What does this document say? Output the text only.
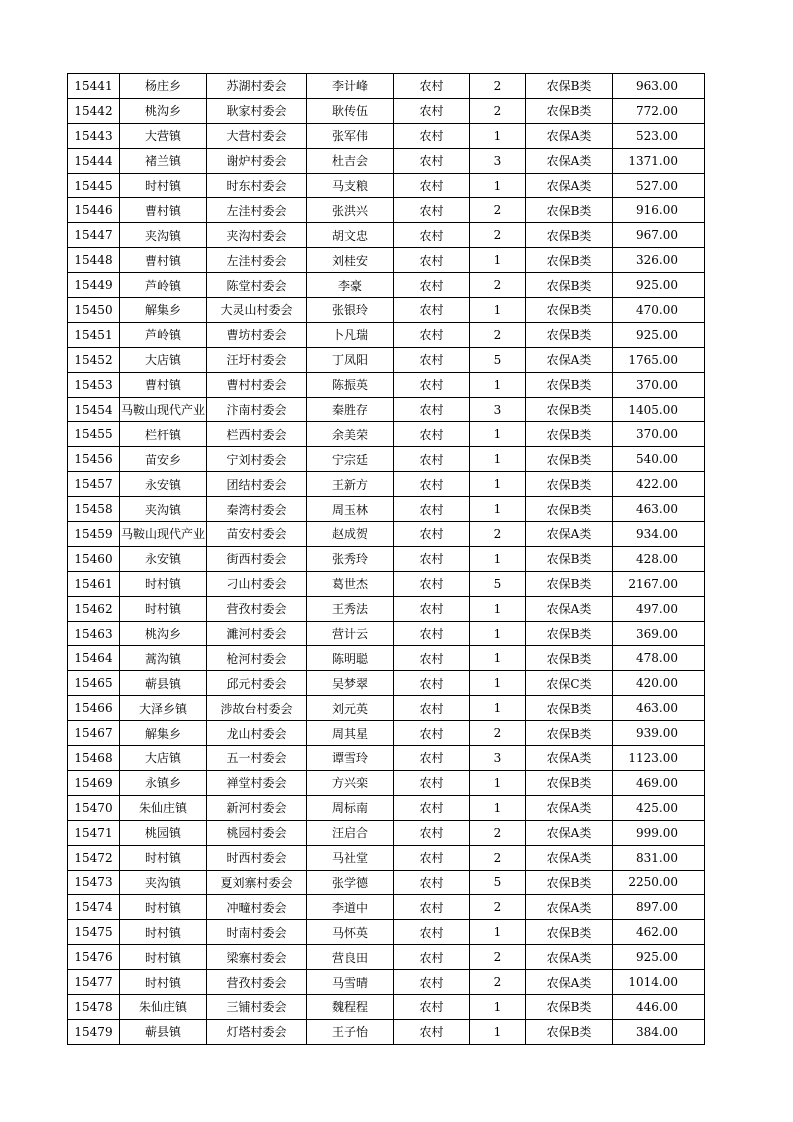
15441	杨庄乡	苏湖村委会	李计峰	农村	2	农保B类	963.00
15442	桃沟乡	耿家村委会	耿传伍	农村	2	农保B类	772.00
15443	大营镇	大营村委会	张军伟	农村	1	农保A类	523.00
15444	褚兰镇	谢炉村委会	杜吉会	农村	3	农保A类	1371.00
15445	时村镇	时东村委会	马支粮	农村	1	农保A类	527.00
15446	曹村镇	左洼村委会	张洪兴	农村	2	农保B类	916.00
15447	夹沟镇	夹沟村委会	胡文忠	农村	2	农保B类	967.00
15448	曹村镇	左洼村委会	刘桂安	农村	1	农保B类	326.00
15449	芦岭镇	陈堂村委会	李豪	农村	2	农保B类	925.00
15450	解集乡	大灵山村委会	张银玲	农村	1	农保B类	470.00
15451	芦岭镇	曹坊村委会	卜凡瑞	农村	2	农保B类	925.00
15452	大店镇	汪圩村委会	丁凤阳	农村	5	农保A类	1765.00
15453	曹村镇	曹村村委会	陈振英	农村	1	农保B类	370.00
15454	马鞍山现代产业	汴南村委会	秦胜存	农村	3	农保B类	1405.00
15455	栏杆镇	栏西村委会	余美荣	农村	1	农保B类	370.00
15456	苗安乡	宁刘村委会	宁宗廷	农村	1	农保B类	540.00
15457	永安镇	团结村委会	王新方	农村	1	农保B类	422.00
15458	夹沟镇	秦湾村委会	周玉林	农村	1	农保B类	463.00
15459	马鞍山现代产业	苗安村委会	赵成贺	农村	2	农保A类	934.00
15460	永安镇	街西村委会	张秀玲	农村	1	农保B类	428.00
15461	时村镇	刁山村委会	葛世杰	农村	5	农保B类	2167.00
15462	时村镇	营孜村委会	王秀法	农村	1	农保A类	497.00
15463	桃沟乡	濉河村委会	营计云	农村	1	农保B类	369.00
15464	蒿沟镇	枪河村委会	陈明聪	农村	1	农保B类	478.00
15465	蕲县镇	邱元村委会	吴梦翠	农村	1	农保C类	420.00
15466	大泽乡镇	涉故台村委会	刘元英	农村	1	农保B类	463.00
15467	解集乡	龙山村委会	周其星	农村	2	农保B类	939.00
15468	大店镇	五一村委会	谭雪玲	农村	3	农保A类	1123.00
15469	永镇乡	禅堂村委会	方兴栾	农村	1	农保B类	469.00
15470	朱仙庄镇	新河村委会	周标南	农村	1	农保A类	425.00
15471	桃园镇	桃园村委会	汪启合	农村	2	农保A类	999.00
15472	时村镇	时西村委会	马社堂	农村	2	农保A类	831.00
15473	夹沟镇	夏刘寨村委会	张学德	农村	5	农保B类	2250.00
15474	时村镇	冲疃村委会	李道中	农村	2	农保A类	897.00
15475	时村镇	时南村委会	马怀英	农村	1	农保B类	462.00
15476	时村镇	梁寨村委会	营良田	农村	2	农保A类	925.00
15477	时村镇	营孜村委会	马雪晴	农村	2	农保A类	1014.00
15478	朱仙庄镇	三铺村委会	魏程程	农村	1	农保B类	446.00
15479	蕲县镇	灯塔村委会	王子怡	农村	1	农保B类	384.00
